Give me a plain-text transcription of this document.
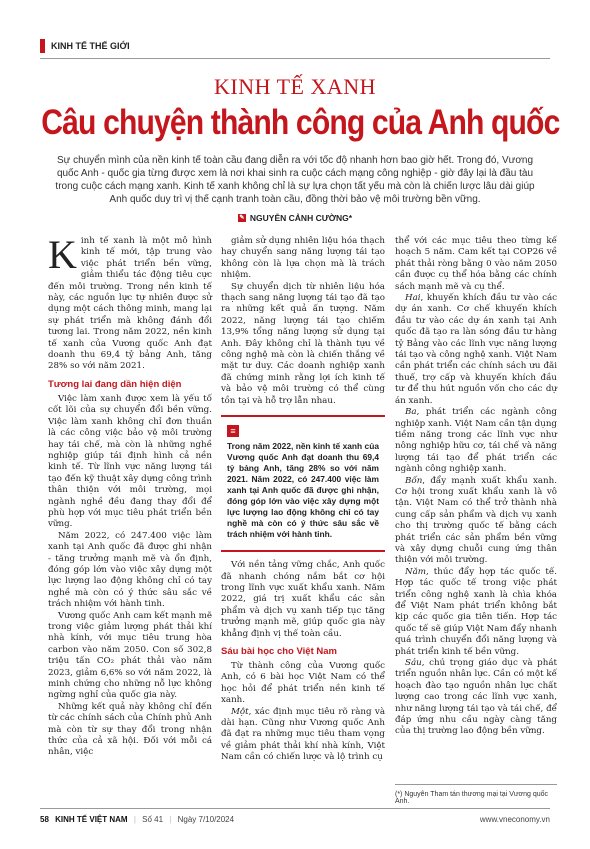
KINH TẾ THẾ GIỚI
KINH TẾ XANH
Câu chuyện thành công của Anh quốc
Sự chuyển mình của nền kinh tế toàn cầu đang diễn ra với tốc độ nhanh hơn bao giờ hết. Trong đó, Vương quốc Anh - quốc gia từng được xem là nơi khai sinh ra cuộc cách mạng công nghiệp - giờ đây lại là đầu tàu trong cuộc cách mạng xanh. Kinh tế xanh không chỉ là sự lựa chọn tất yếu mà còn là chiến lược lâu dài giúp Anh quốc duy trì vị thế cạnh tranh toàn cầu, đồng thời bảo vệ môi trường bền vững.
✎ NGUYỄN CẢNH CƯỜNG*

Kinh tế xanh là một mô hình kinh tế mới, tập trung vào việc phát triển bền vững, giảm thiểu tác động tiêu cực đến môi trường. Trong nền kinh tế này, các nguồn lực tự nhiên được sử dụng một cách thông minh, mang lại sự phát triển mà không đánh đổi tương lai. Trong năm 2022, nền kinh tế xanh của Vương quốc Anh đạt doanh thu 69,4 tỷ bảng Anh, tăng 28% so với năm 2021.

Tương lai đang dần hiện diện

Việc làm xanh được xem là yếu tố cốt lõi của sự chuyển đổi bền vững. Việc làm xanh không chỉ đơn thuần là các công việc bảo vệ môi trường hay tái chế, mà còn là những nghề nghiệp giúp tái định hình cả nền kinh tế. Từ lĩnh vực năng lượng tái tạo đến kỹ thuật xây dựng công trình thân thiện với môi trường, mọi ngành nghề đều đang thay đổi để phù hợp với mục tiêu phát triển bền vững.

Năm 2022, có 247.400 việc làm xanh tại Anh quốc đã được ghi nhận - tăng trưởng mạnh mẽ và ổn định, đóng góp lớn vào việc xây dựng một lực lượng lao động không chỉ có tay nghề mà còn có ý thức sâu sắc về trách nhiệm với hành tinh.

Vương quốc Anh cam kết mạnh mẽ trong việc giảm lượng phát thải khí nhà kính, với mục tiêu trung hòa carbon vào năm 2050. Con số 302,8 triệu tấn CO₂ phát thải vào năm 2023, giảm 6,6% so với năm 2022, là minh chứng cho những nỗ lực không ngừng nghỉ của quốc gia này.

Những kết quả này không chỉ đến từ các chính sách của Chính phủ Anh mà còn từ sự thay đổi trong nhận thức của cả xã hội. Đối với mỗi cá nhân, việc

giảm sử dụng nhiên liệu hóa thạch hay chuyển sang năng lượng tái tạo không còn là lựa chọn mà là trách nhiệm.

Sự chuyển dịch từ nhiên liệu hóa thạch sang năng lượng tái tạo đã tạo ra những kết quả ấn tượng. Năm 2022, năng lượng tái tạo chiếm 13,9% tổng năng lượng sử dụng tại Anh. Đây không chỉ là thành tựu về công nghệ mà còn là chiến thắng về mặt tư duy. Các doanh nghiệp xanh đã chứng minh rằng lợi ích kinh tế và bảo vệ môi trường có thể cùng tồn tại và hỗ trợ lẫn nhau.

≡
Trong năm 2022, nền kinh tế xanh của Vương quốc Anh đạt doanh thu 69,4 tỷ bảng Anh, tăng 28% so với năm 2021. Năm 2022, có 247.400 việc làm xanh tại Anh quốc đã được ghi nhận, đóng góp lớn vào việc xây dựng một lực lượng lao động không chỉ có tay nghề mà còn có ý thức sâu sắc về trách nhiệm với hành tinh.

Với nền tảng vững chắc, Anh quốc đã nhanh chóng nắm bắt cơ hội trong lĩnh vực xuất khẩu xanh. Năm 2022, giá trị xuất khẩu các sản phẩm và dịch vụ xanh tiếp tục tăng trưởng mạnh mẽ, giúp quốc gia này khẳng định vị thế toàn cầu.

Sáu bài học cho Việt Nam

Từ thành công của Vương quốc Anh, có 6 bài học Việt Nam có thể học hỏi để phát triển nền kinh tế xanh.

Một, xác định mục tiêu rõ ràng và dài hạn. Cũng như Vương quốc Anh đã đạt ra những mục tiêu tham vọng về giảm phát thải khí nhà kính, Việt Nam cần có chiến lược và lộ trình cụ

thể với các mục tiêu theo từng kế hoạch 5 năm. Cam kết tại COP26 về phát thải ròng bằng 0 vào năm 2050 cần được cụ thể hóa bằng các chính sách mạnh mẽ và cụ thể.

Hai, khuyến khích đầu tư vào các dự án xanh. Cơ chế khuyến khích đầu tư vào các dự án xanh tại Anh quốc đã tạo ra làn sóng đầu tư hàng tỷ Bảng vào các lĩnh vực năng lượng tái tạo và công nghệ xanh. Việt Nam cần phát triển các chính sách ưu đãi thuế, trợ cấp và khuyến khích đầu tư để thu hút nguồn vốn cho các dự án xanh.

Ba, phát triển các ngành công nghiệp xanh. Việt Nam cần tận dụng tiềm năng trong các lĩnh vực như nông nghiệp hữu cơ, tái chế và năng lượng tái tạo để phát triển các ngành công nghiệp xanh.

Bốn, đẩy mạnh xuất khẩu xanh. Cơ hội trong xuất khẩu xanh là vô tận. Việt Nam có thể trở thành nhà cung cấp sản phẩm và dịch vụ xanh cho thị trường quốc tế bằng cách phát triển các sản phẩm bền vững và xây dựng chuỗi cung ứng thân thiện với môi trường.

Năm, thúc đẩy hợp tác quốc tế. Hợp tác quốc tế trong việc phát triển công nghệ xanh là chìa khóa để Việt Nam phát triển không bắt kịp các quốc gia tiên tiến. Hợp tác quốc tế sẽ giúp Việt Nam đẩy nhanh quá trình chuyển đổi năng lượng và phát triển kinh tế bền vững.

Sáu, chú trọng giáo dục và phát triển nguồn nhân lực. Cần có một kế hoạch đào tạo nguồn nhân lực chất lượng cao trong các lĩnh vực xanh, như năng lượng tái tạo và tái chế, để đáp ứng nhu cầu ngày càng tăng của thị trường lao động bền vững.

(*) Nguyên Tham tán thương mại tại Vương quốc Anh.
58 KINH TẾ VIỆT NAM | Số 41 | Ngày 7/10/2024	www.vneconomy.vn
